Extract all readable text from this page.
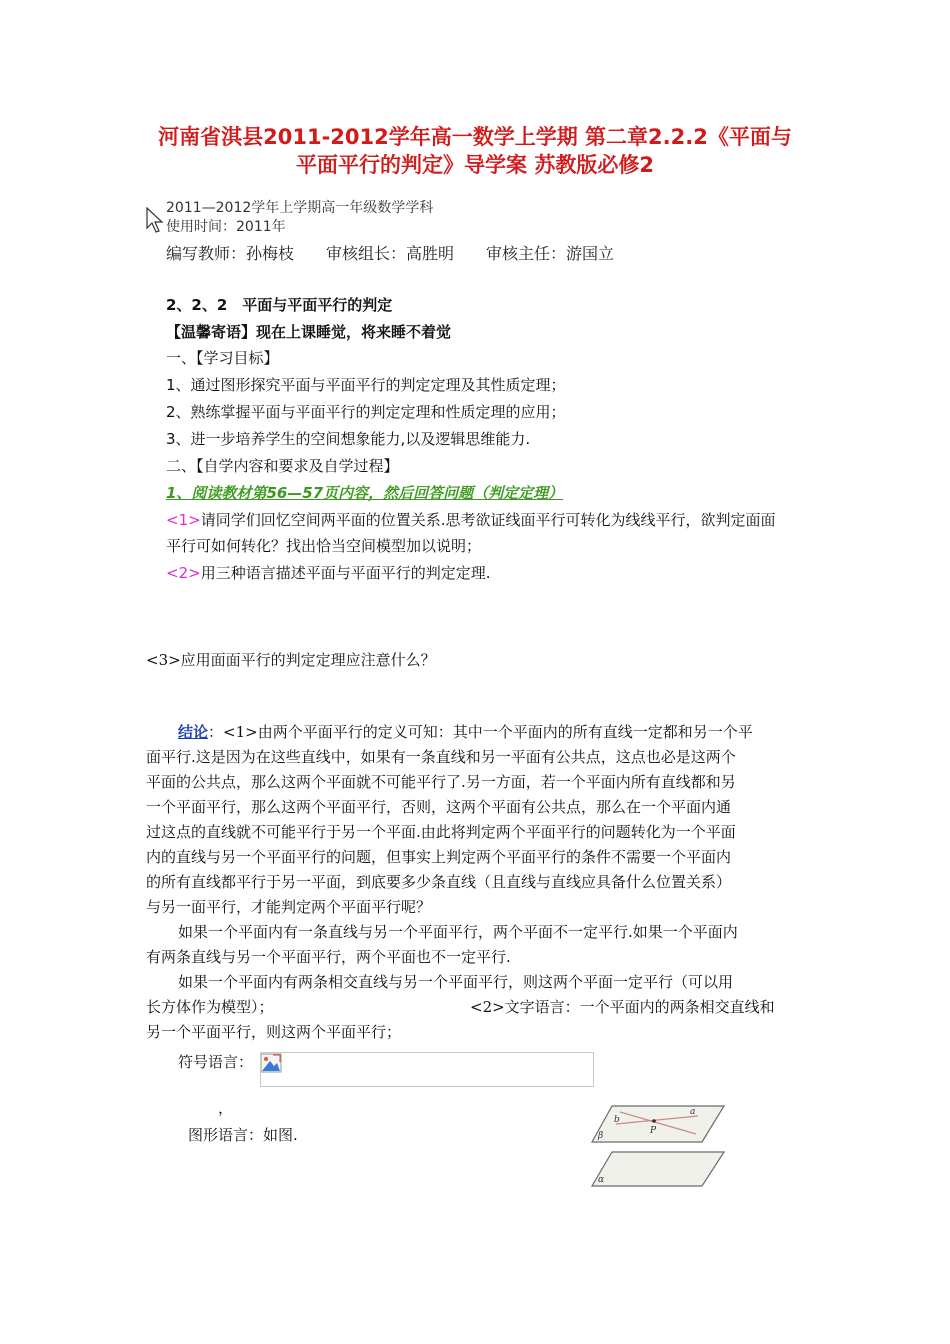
河南省淇县2011-2012学年高一数学上学期 第二章2.2.2《平面与
平面平行的判定》导学案 苏教版必修2
2011—2012学年上学期高一年级数学学科
使用时间：2011年
编写教师：孙梅枝　　审核组长：高胜明　　审核主任：游国立
2、2、2　平面与平面平行的判定
【温馨寄语】现在上课睡觉，将来睡不着觉
一、【学习目标】
1、通过图形探究平面与平面平行的判定定理及其性质定理；
2、熟练掌握平面与平面平行的判定定理和性质定理的应用；
3、进一步培养学生的空间想象能力,以及逻辑思维能力.
二、【自学内容和要求及自学过程】
1、阅读教材第56—57页内容，然后回答问题（判定定理）
<1>请同学们回忆空间两平面的位置关系.思考欲证线面平行可转化为线线平行，欲判定面面
平行可如何转化？找出恰当空间模型加以说明；
<2>用三种语言描述平面与平面平行的判定定理.
<3>应用面面平行的判定定理应注意什么？
结论：<1>由两个平面平行的定义可知：其中一个平面内的所有直线一定都和另一个平
面平行.这是因为在这些直线中，如果有一条直线和另一平面有公共点，这点也必是这两个
平面的公共点，那么这两个平面就不可能平行了.另一方面，若一个平面内所有直线都和另
一个平面平行，那么这两个平面平行，否则，这两个平面有公共点，那么在一个平面内通
过这点的直线就不可能平行于另一个平面.由此将判定两个平面平行的问题转化为一个平面
内的直线与另一个平面平行的问题，但事实上判定两个平面平行的条件不需要一个平面内
的所有直线都平行于另一平面，到底要多少条直线（且直线与直线应具备什么位置关系）
与另一面平行，才能判定两个平面平行呢？
如果一个平面内有一条直线与另一个平面平行，两个平面不一定平行.如果一个平面内
有两条直线与另一个平面平行，两个平面也不一定平行.
如果一个平面内有两条相交直线与另一个平面平行，则这两个平面一定平行（可以用
长方体作为模型）；	<2>文字语言：一个平面内的两条相交直线和
另一个平面平行，则这两个平面平行；
符号语言：
，
图形语言：如图.
a
b
β	P
α
